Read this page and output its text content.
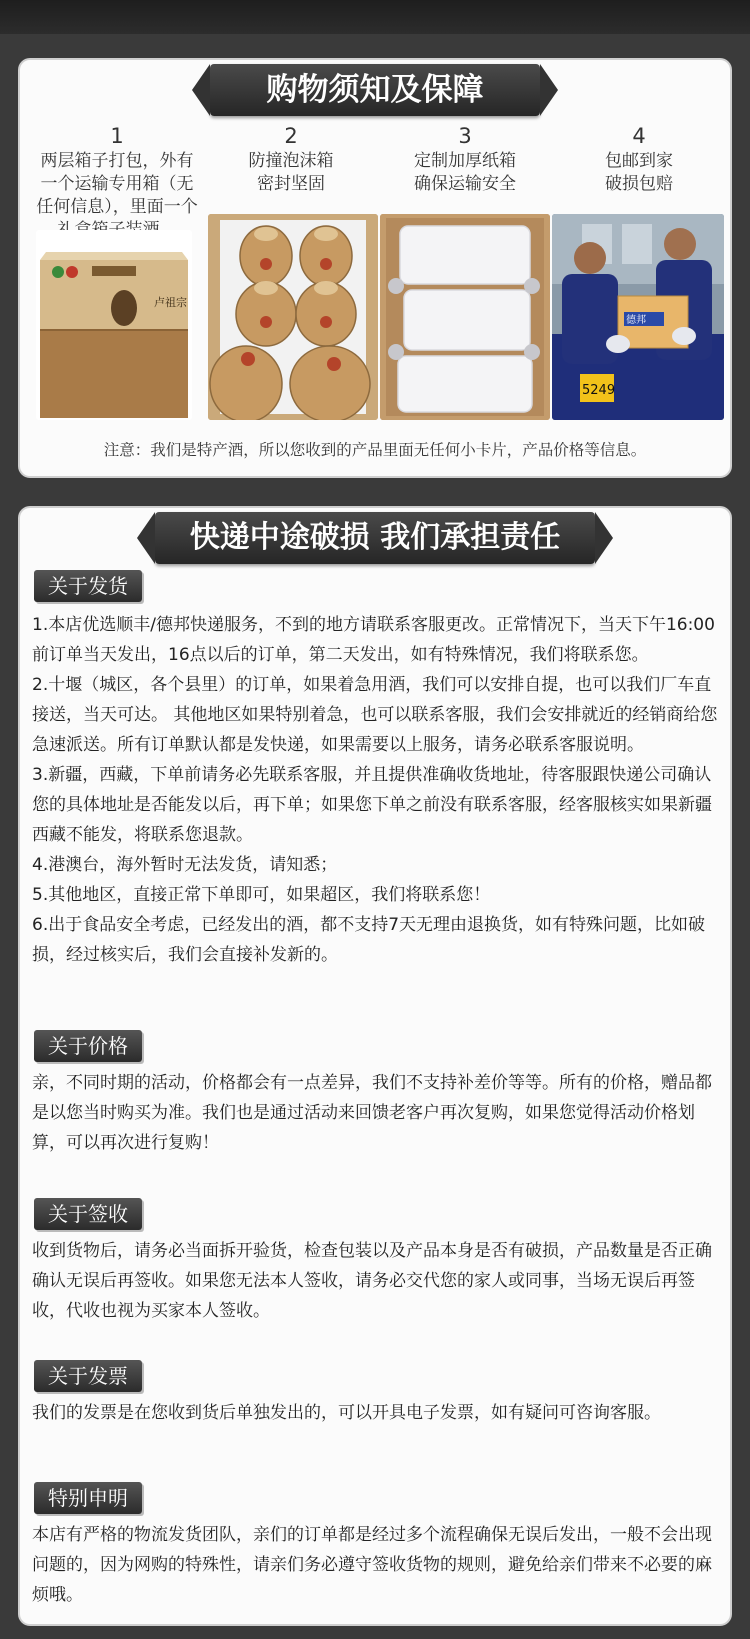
购物须知及保障
1
两层箱子打包，外有一个运输专用箱（无任何信息），里面一个
2
防撞泡沫箱
密封坚固
3
定制加厚纸箱
确保运输安全
4
包邮到家
破损包赔
卢祖宗
5249
德邦
注意：我们是特产酒，所以您收到的产品里面无任何小卡片，产品价格等信息。
快递中途破损 我们承担责任
关于发货

1.本店优选顺丰/德邦快递服务，不到的地方请联系客服更改。正常情况下，当天下午16:00前订单当天发出，16点以后的订单，第二天发出，如有特殊情况，我们将联系您。

2.十堰（城区，各个县里）的订单，如果着急用酒，我们可以安排自提，也可以我们厂车直接送，当天可达。 其他地区如果特别着急，也可以联系客服，我们会安排就近的经销商给您急速派送。所有订单默认都是发快递，如果需要以上服务，请务必联系客服说明。

3.新疆，西藏，下单前请务必先联系客服，并且提供准确收货地址，待客服跟快递公司确认您的具体地址是否能发以后，再下单；如果您下单之前没有联系客服，经客服核实如果新疆西藏不能发，将联系您退款。

4.港澳台，海外暂时无法发货，请知悉；

5.其他地区，直接正常下单即可，如果超区，我们将联系您！

6.出于食品安全考虑，已经发出的酒，都不支持7天无理由退换货，如有特殊问题，比如破损，经过核实后，我们会直接补发新的。

关于价格

亲，不同时期的活动，价格都会有一点差异，我们不支持补差价等等。所有的价格，赠品都是以您当时购买为准。我们也是通过活动来回馈老客户再次复购，如果您觉得活动价格划算，可以再次进行复购！

关于签收

收到货物后，请务必当面拆开验货，检查包装以及产品本身是否有破损，产品数量是否正确确认无误后再签收。如果您无法本人签收，请务必交代您的家人或同事，当场无误后再签收，代收也视为买家本人签收。

关于发票

我们的发票是在您收到货后单独发出的，可以开具电子发票，如有疑问可咨询客服。

特别申明

本店有严格的物流发货团队，亲们的订单都是经过多个流程确保无误后发出，一般不会出现问题的，因为网购的特殊性，请亲们务必遵守签收货物的规则，避免给亲们带来不必要的麻烦哦。
